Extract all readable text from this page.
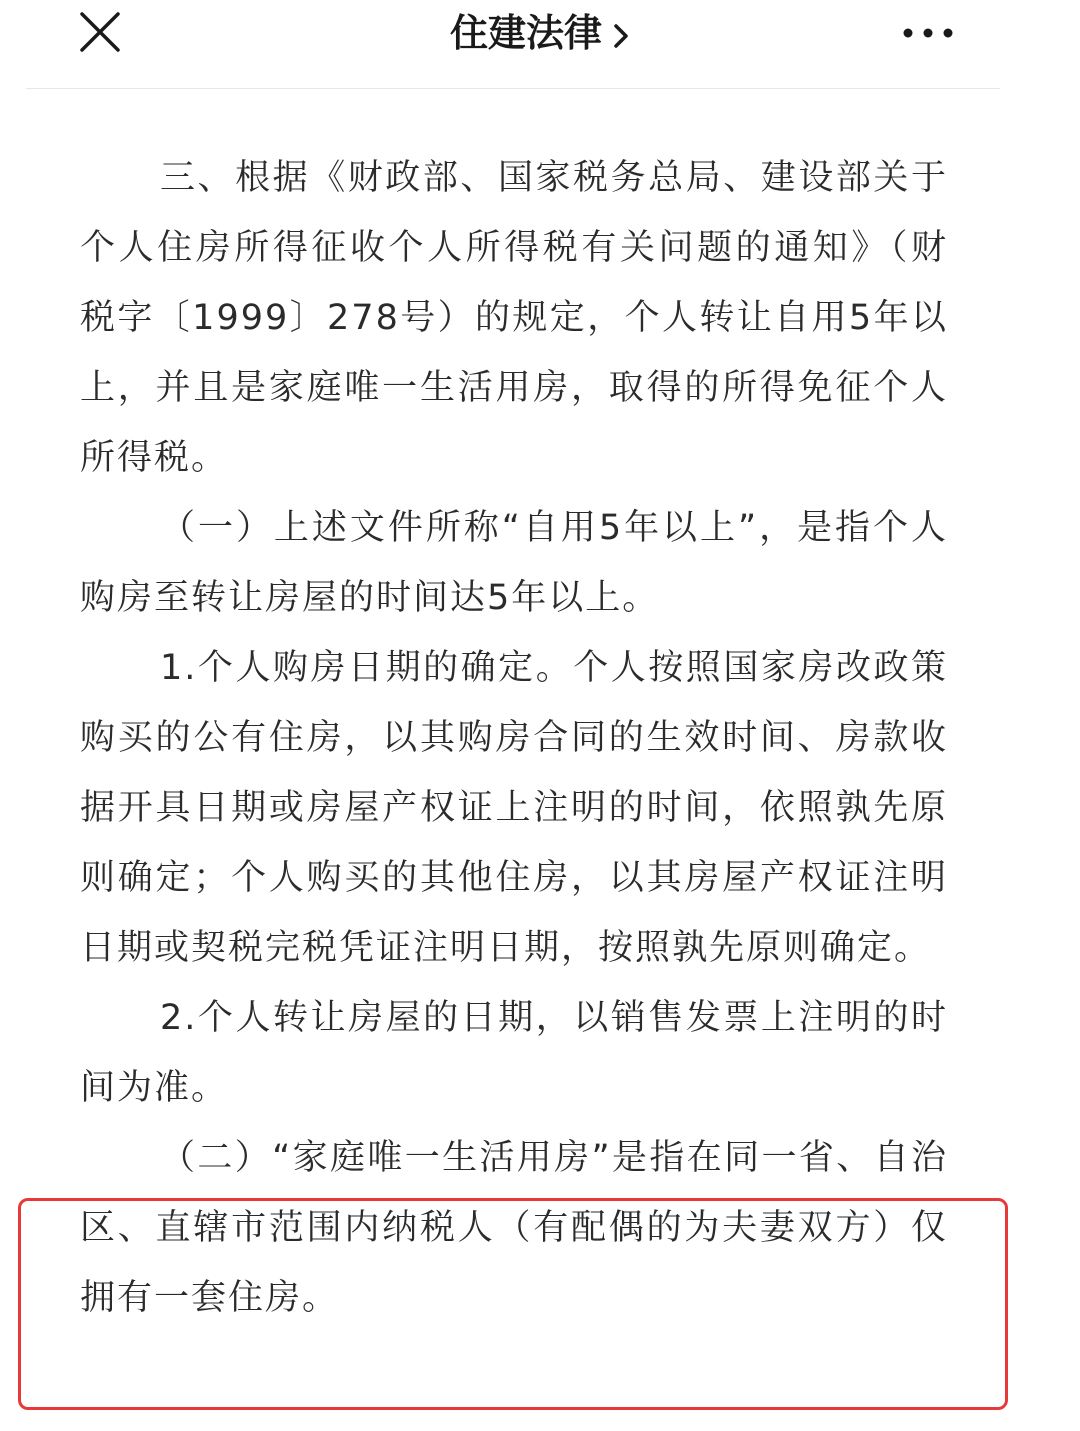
住建法律

三、根据《财政部、国家税务总局、建设部关于个人住房所得征收个人所得税有关问题的通知》（财税字〔1999〕278号）的规定，个人转让自用5年以上，并且是家庭唯一生活用房，取得的所得免征个人所得税。

（一）上述文件所称“自用5年以上”，是指个人购房至转让房屋的时间达5年以上。

1.个人购房日期的确定。个人按照国家房改政策购买的公有住房，以其购房合同的生效时间、房款收据开具日期或房屋产权证上注明的时间，依照孰先原则确定；个人购买的其他住房，以其房屋产权证注明日期或契税完税凭证注明日期，按照孰先原则确定。

2.个人转让房屋的日期，以销售发票上注明的时间为准。

（二）“家庭唯一生活用房”是指在同一省、自治区、直辖市范围内纳税人（有配偶的为夫妻双方）仅拥有一套住房。
